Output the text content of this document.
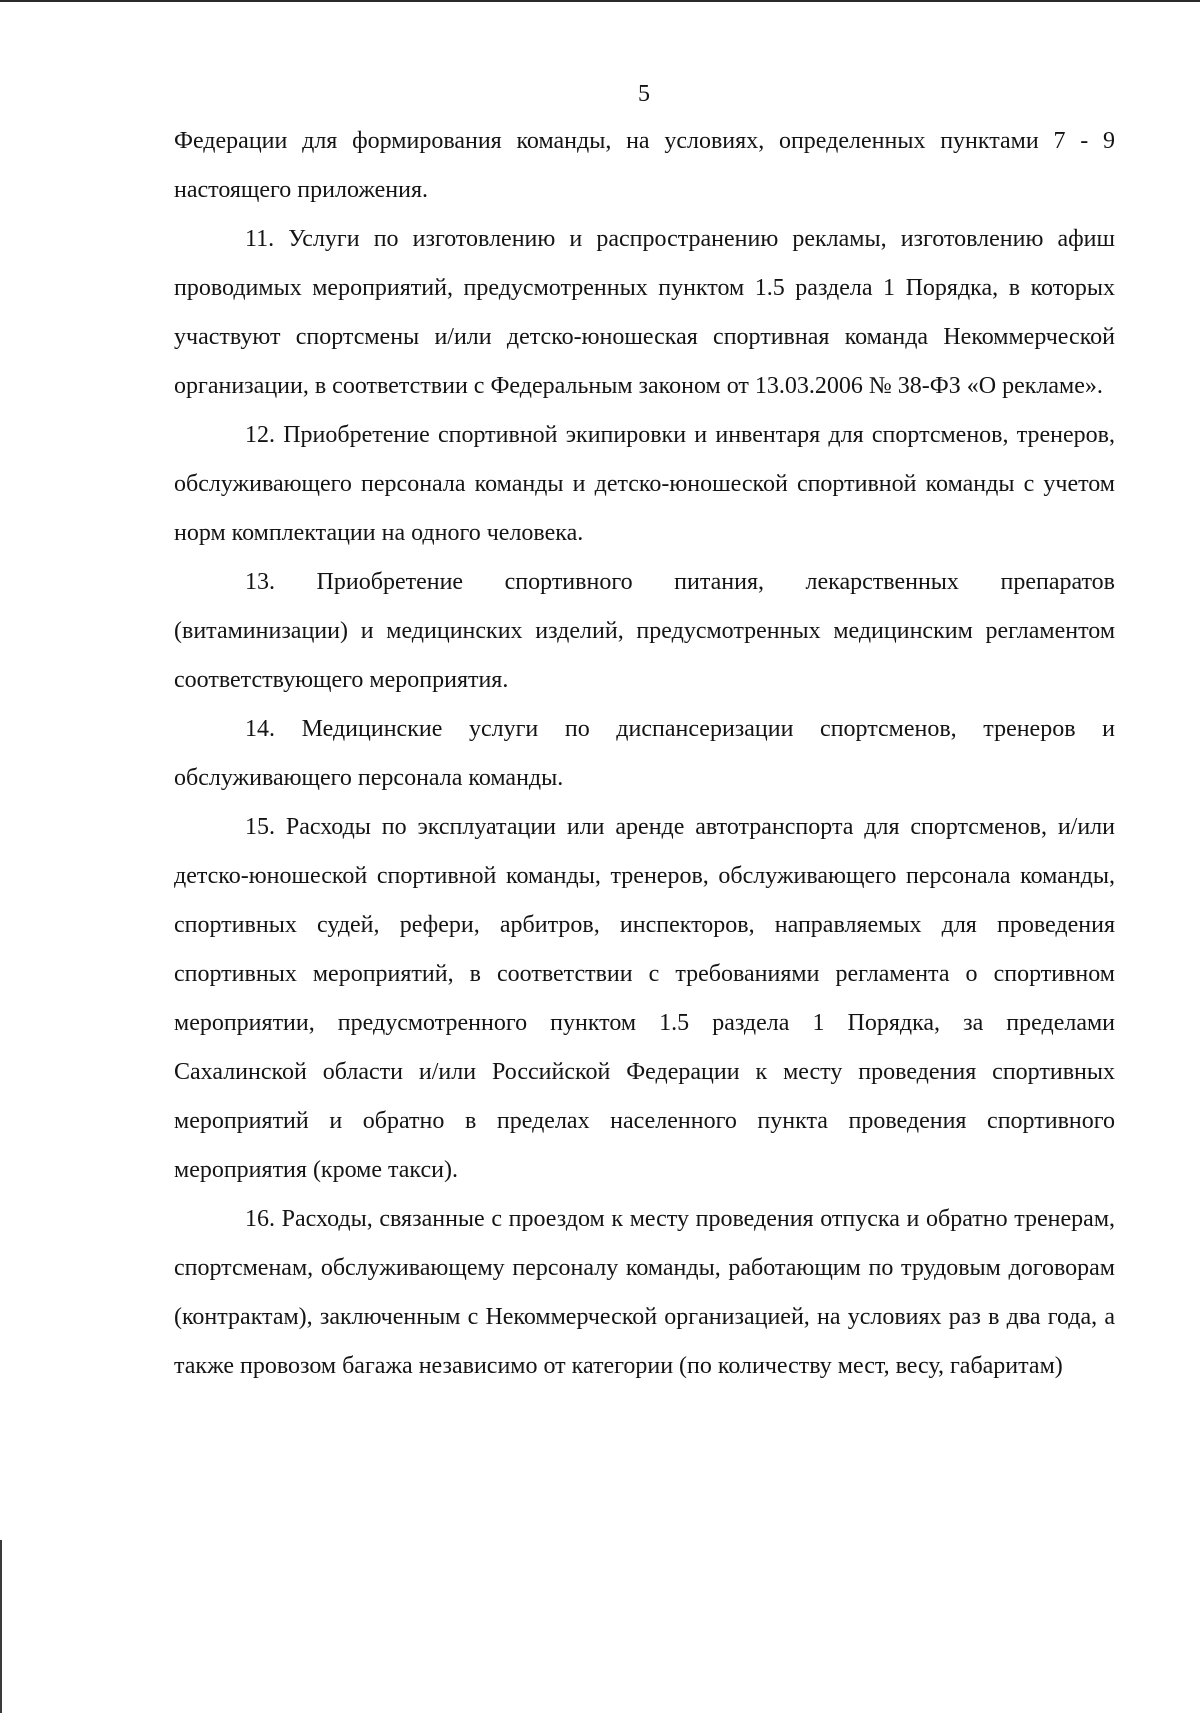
5

Федерации для формирования команды, на условиях, определенных пунктами 7 - 9 настоящего приложения.

11. Услуги по изготовлению и распространению рекламы, изготовлению афиш проводимых мероприятий, предусмотренных пунктом 1.5 раздела 1 Порядка, в которых участвуют спортсмены и/или детско-юношеская спортивная команда Некоммерческой организации, в соответствии с Федеральным законом от 13.03.2006 № 38-ФЗ «О рекламе».

12. Приобретение спортивной экипировки и инвентаря для спортсменов, тренеров, обслуживающего персонала команды и детско-юношеской спортивной команды с учетом норм комплектации на одного человека.

13. Приобретение спортивного питания, лекарственных препаратов (витаминизации) и медицинских изделий, предусмотренных медицинским регламентом соответствующего мероприятия.

14. Медицинские услуги по диспансеризации спортсменов, тренеров и обслуживающего персонала команды.

15. Расходы по эксплуатации или аренде автотранспорта для спортсменов, и/или детско-юношеской спортивной команды, тренеров, обслуживающего персонала команды, спортивных судей, рефери, арбитров, инспекторов, направляемых для проведения спортивных мероприятий, в соответствии с требованиями регламента о спортивном мероприятии, предусмотренного пунктом 1.5 раздела 1 Порядка, за пределами Сахалинской области и/или Российской Федерации к месту проведения спортивных мероприятий и обратно в пределах населенного пункта проведения спортивного мероприятия (кроме такси).

16. Расходы, связанные с проездом к месту проведения отпуска и обратно тренерам, спортсменам, обслуживающему персоналу команды, работающим по трудовым договорам (контрактам), заключенным с Некоммерческой организацией, на условиях раз в два года, а также провозом багажа независимо от категории (по количеству мест, весу, габаритам)
